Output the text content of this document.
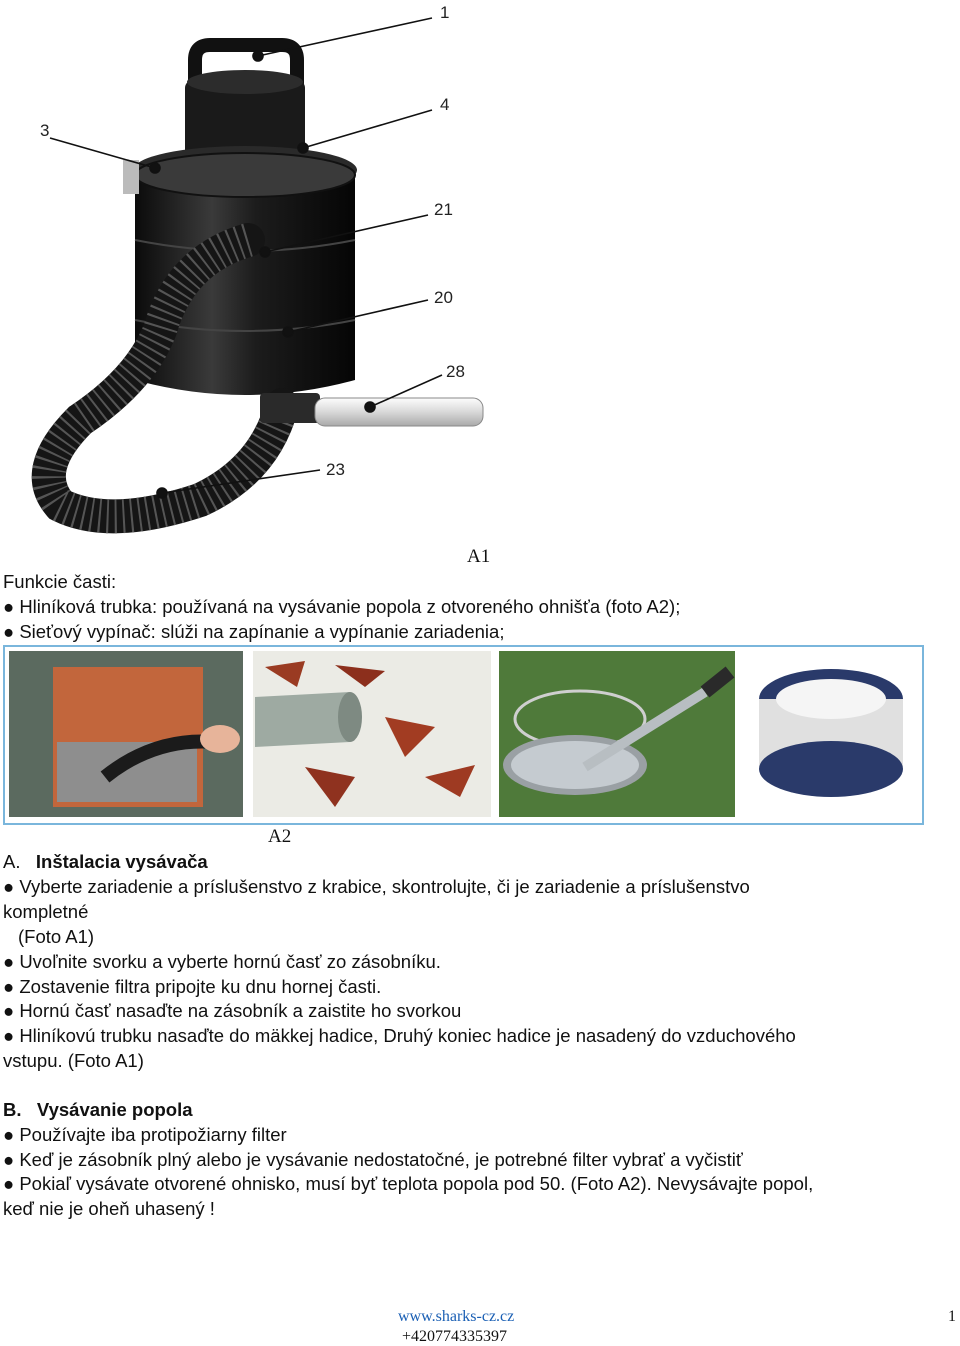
1
4
3
21
20
28
23
A1
Funkcie časti:
● Hliníková trubka: používaná na vysávanie popola z otvoreného ohnišťa (foto A2);
● Sieťový vypínač: slúži na zapínanie a vypínanie zariadenia;
A2
A. Inštalacia vysávača
● Vyberte zariadenie a príslušenstvo z krabice, skontrolujte, či je zariadenie a príslušenstvo
kompletné
(Foto A1)
● Uvoľnite svorku a vyberte hornú časť zo zásobníku.
● Zostavenie filtra pripojte ku dnu hornej časti.
● Hornú časť nasaďte na zásobník a zaistite ho svorkou
● Hliníkovú trubku nasaďte do mäkkej hadice, Druhý koniec hadice je nasadený do vzduchového
vstupu. (Foto A1)
B. Vysávanie popola
● Používajte iba protipožiarny filter
● Keď je zásobník plný alebo je vysávanie nedostatočné, je potrebné filter vybrať a vyčistiť
● Pokiaľ vysávate otvorené ohnisko, musí byť teplota popola pod 50. (Foto A2). Nevysávajte popol,
keď nie je oheň uhasený !
www.sharks-cz.cz
+420774335397
1
